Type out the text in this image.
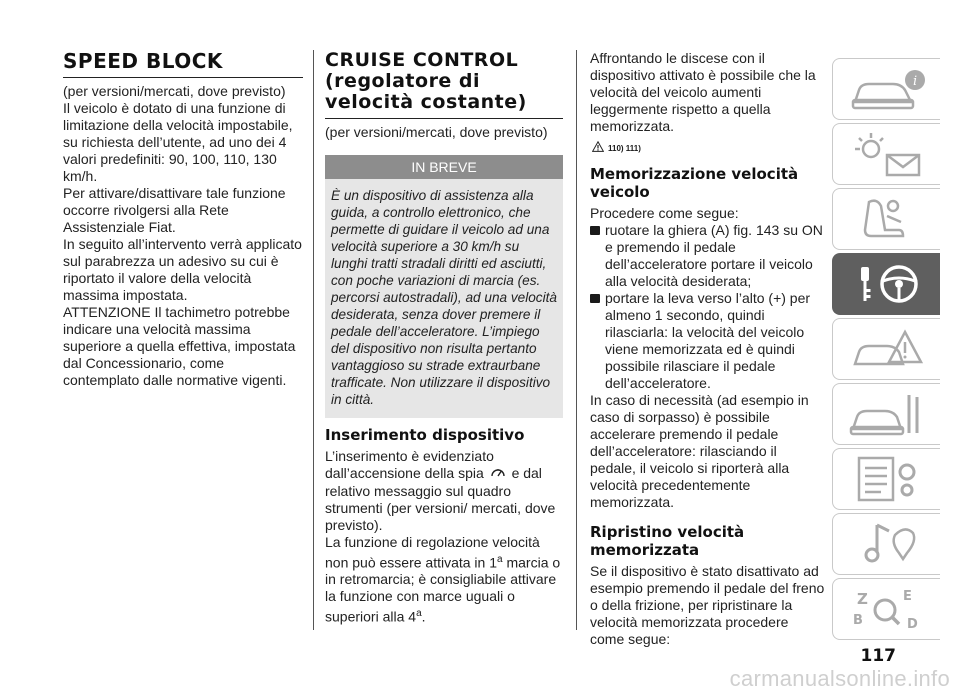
SPEED BLOCK

(per versioni/mercati, dove previsto)

Il veicolo è dotato di una funzione di limitazione della velocità impostabile, su richiesta dell’utente, ad uno dei 4 valori predefiniti: 90, 100, 110, 130 km/h.

Per attivare/disattivare tale funzione occorre rivolgersi alla Rete Assistenziale Fiat.

In seguito all’intervento verrà applicato sul parabrezza un adesivo su cui è riportato il valore della velocità massima impostata.

ATTENZIONE Il tachimetro potrebbe indicare una velocità massima superiore a quella effettiva, impostata dal Concessionario, come contemplato dalle normative vigenti.

CRUISE CONTROL (regolatore di velocità costante)

(per versioni/mercati, dove previsto)

IN BREVE
È un dispositivo di assistenza alla guida, a controllo elettronico, che permette di guidare il veicolo ad una velocità superiore a 30 km/h su lunghi tratti stradali diritti ed asciutti, con poche variazioni di marcia (es. percorsi autostradali), ad una velocità desiderata, senza dover premere il pedale dell’acceleratore. L’impiego del dispositivo non risulta pertanto vantaggioso su strade extraurbane trafficate. Non utilizzare il dispositivo in città.
Inserimento dispositivo

L’inserimento è evidenziato dall’accensione della spia e dal relativo messaggio sul quadro strumenti (per versioni/ mercati, dove previsto).

La funzione di regolazione velocità non può essere attivata in 1$^a$ marcia o in retromarcia; è consigliabile attivare la funzione con marce uguali o superiori alla 4$^a$.

Affrontando le discese con il dispositivo attivato è possibile che la velocità del veicolo aumenti leggermente rispetto a quella memorizzata.

110) 111)
Memorizzazione velocità veicolo

Procedere come segue:

ruotare la ghiera (A) fig. 143 su ON e premendo il pedale dell’acceleratore portare il veicolo alla velocità desiderata;
portare la leva verso l’alto (+) per almeno 1 secondo, quindi rilasciarla: la velocità del veicolo viene memorizzata ed è quindi possibile rilasciare il pedale dell’acceleratore.

In caso di necessità (ad esempio in caso di sorpasso) è possibile accelerare premendo il pedale dell’acceleratore: rilasciando il pedale, il veicolo si riporterà alla velocità precedentemente memorizzata.

Ripristino velocità memorizzata

Se il dispositivo è stato disattivato ad esempio premendo il pedale del freno o della frizione, per ripristinare la velocità memorizzata procedere come segue:

i
Z	E
B	D
117
carmanualsonline.info
